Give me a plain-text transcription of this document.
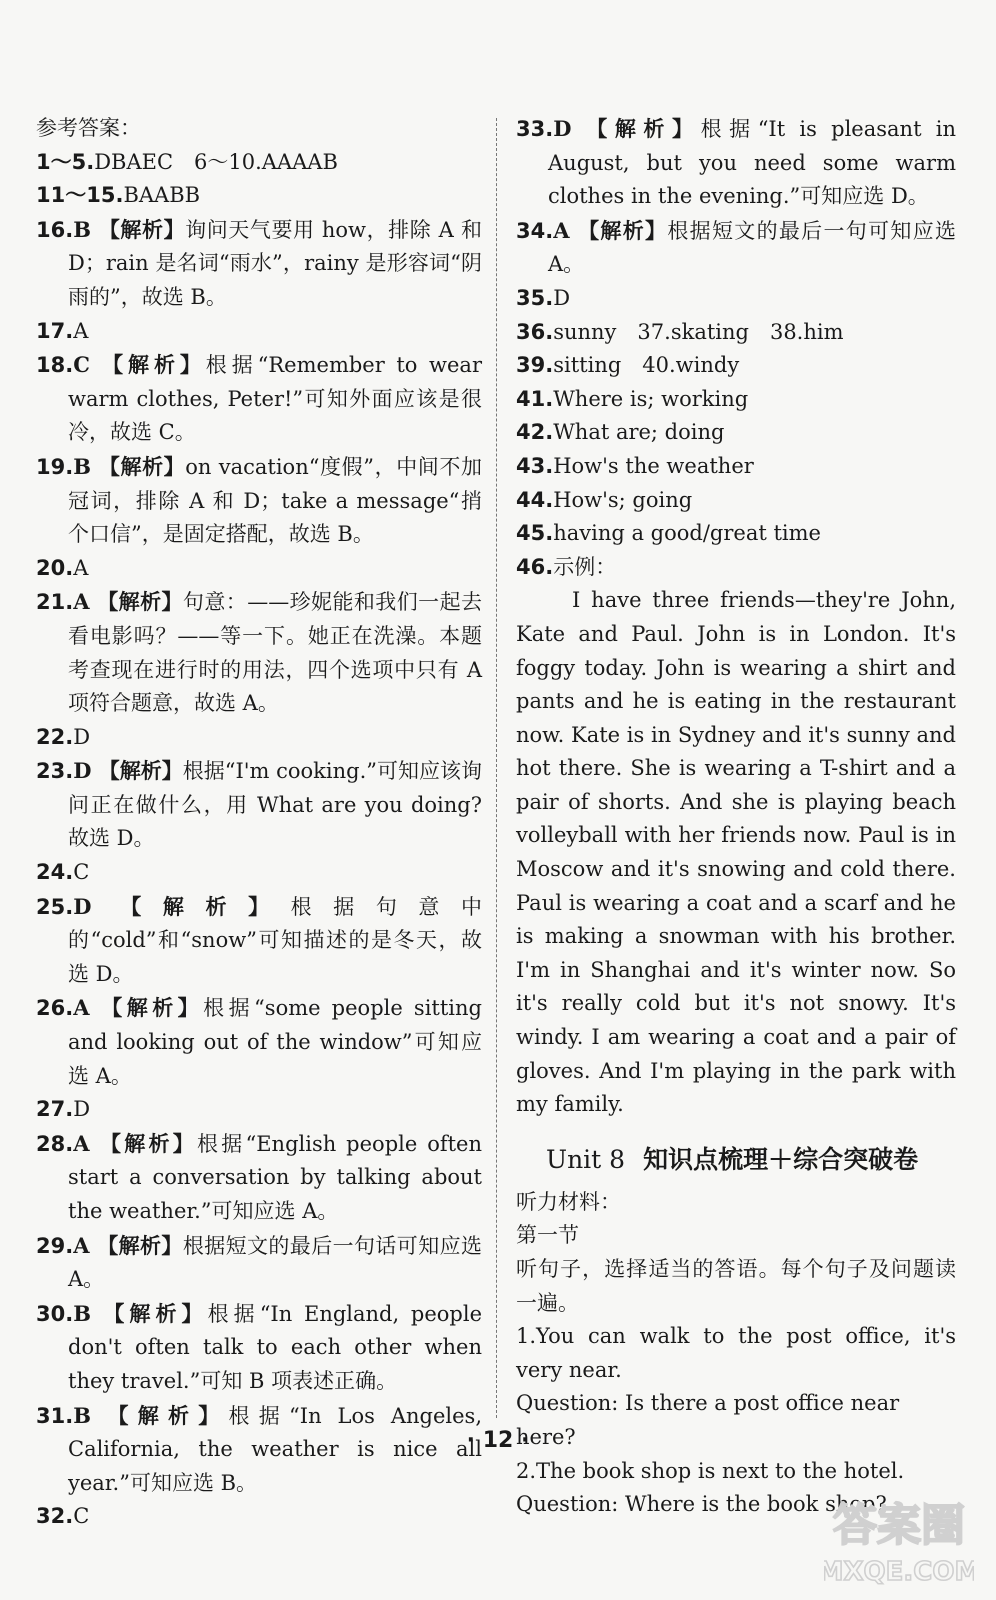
参考答案：
1～5.DBAEC　6～10.AAAAB
11～15.BAABB
16.B 【解析】询问天气要用 how，排除 A 和 D；rain 是名词“雨水”，rainy 是形容词“阴雨的”，故选 B。
17.A
18.C 【解析】根据“Remember to wear warm clothes, Peter!”可知外面应该是很冷，故选 C。
19.B 【解析】on vacation“度假”，中间不加冠词，排除 A 和 D；take a message“捎个口信”，是固定搭配，故选 B。
20.A
21.A 【解析】句意：——珍妮能和我们一起去看电影吗？——等一下。她正在洗澡。本题考查现在进行时的用法，四个选项中只有 A 项符合题意，故选 A。
22.D
23.D 【解析】根据“I'm cooking.”可知应该询问正在做什么，用 What are you doing? 故选 D。
24.C
25.D 【解析】根据句意中的“cold”和“snow”可知描述的是冬天，故选 D。
26.A 【解析】根据“some people sitting and looking out of the window”可知应选 A。
27.D
28.A 【解析】根据“English people often start a conversation by talking about the weather.”可知应选 A。
29.A 【解析】根据短文的最后一句话可知应选 A。
30.B 【解析】根据“In England, people don't often talk to each other when they travel.”可知 B 项表述正确。
31.B 【解析】根据“In Los Angeles, California, the weather is nice all year.”可知应选 B。
32.C
33.D 【解析】根据“It is pleasant in August, but you need some warm clothes in the evening.”可知应选 D。
34.A 【解析】根据短文的最后一句可知应选 A。
35.D
36.sunny　37.skating　38.him
39.sitting　40.windy
41.Where is; working
42.What are; doing
43.How's the weather
44.How's; going
45.having a good/great time
46.示例：
I have three friends—they're John, Kate and Paul. John is in London. It's foggy today. John is wearing a shirt and pants and he is eating in the restaurant now. Kate is in Sydney and it's sunny and hot there. She is wearing a T-shirt and a pair of shorts. And she is playing beach volleyball with her friends now. Paul is in Moscow and it's snowing and cold there. Paul is wearing a coat and a scarf and he is making a snowman with his brother. I'm in Shanghai and it's winter now. So it's really cold but it's not snowy. It's windy. I am wearing a coat and a pair of gloves. And I'm playing in the park with my family.
Unit 8 知识点梳理＋综合突破卷
听力材料：
第一节
听句子，选择适当的答语。每个句子及问题读一遍。
1.You can walk to the post office, it's very near.
Question: Is there a post office near here?
2.The book shop is next to the hotel.
Question: Where is the book shop?
· 12 ·
答案圈
MXQE.COM
